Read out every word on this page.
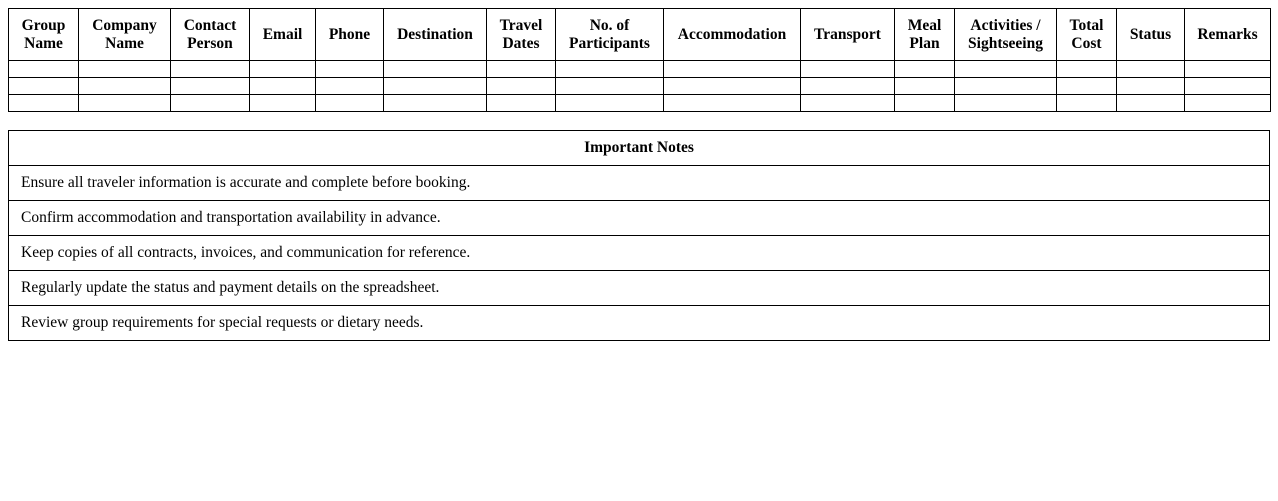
Group Name	Company Name	Contact Person	Email	Phone	Destination	Travel Dates	No. of Participants	Accommodation	Transport	Meal Plan	Activities / Sightseeing	Total Cost	Status	Remarks

Important Notes
Ensure all traveler information is accurate and complete before booking.
Confirm accommodation and transportation availability in advance.
Keep copies of all contracts, invoices, and communication for reference.
Regularly update the status and payment details on the spreadsheet.
Review group requirements for special requests or dietary needs.
